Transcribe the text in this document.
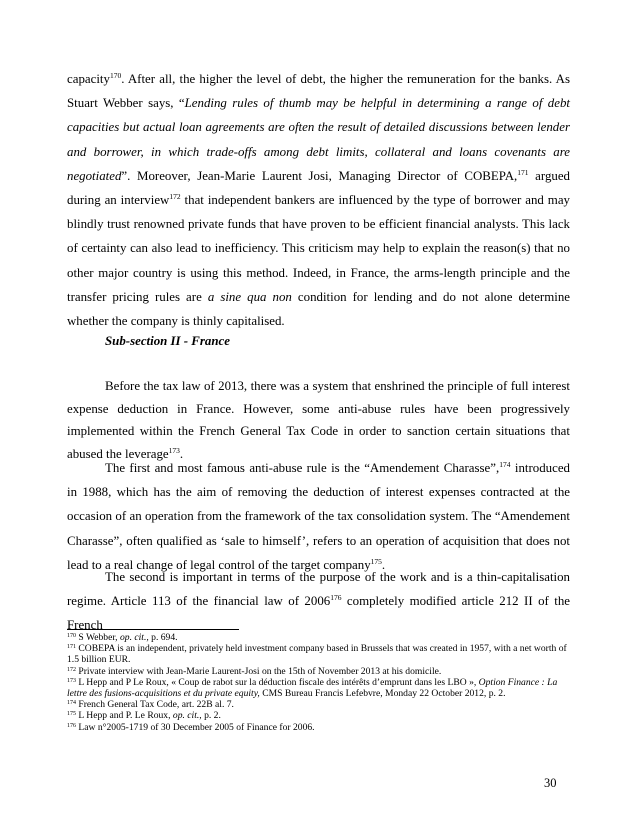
capacity$^{170}$. After all, the higher the level of debt, the higher the remuneration for the banks. As Stuart Webber says, “Lending rules of thumb may be helpful in determining a range of debt capacities but actual loan agreements are often the result of detailed discussions between lender and borrower, in which trade-offs among debt limits, collateral and loans covenants are negotiated”. Moreover, Jean-Marie Laurent Josi, Managing Director of COBEPA,$^{171}$ argued during an interview$^{172}$ that independent bankers are influenced by the type of borrower and may blindly trust renowned private funds that have proven to be efficient financial analysts. This lack of certainty can also lead to inefficiency. This criticism may help to explain the reason(s) that no other major country is using this method. Indeed, in France, the arms-length principle and the transfer pricing rules are a sine qua non condition for lending and do not alone determine whether the company is thinly capitalised.

Sub-section II - France

Before the tax law of 2013, there was a system that enshrined the principle of full interest expense deduction in France. However, some anti-abuse rules have been progressively implemented within the French General Tax Code in order to sanction certain situations that abused the leverage$^{173}$.

The first and most famous anti-abuse rule is the “Amendement Charasse”,$^{174}$ introduced in 1988, which has the aim of removing the deduction of interest expenses contracted at the occasion of an operation from the framework of the tax consolidation system. The “Amendement Charasse”, often qualified as ‘sale to himself’, refers to an operation of acquisition that does not lead to a real change of legal control of the target company$^{175}$.

The second is important in terms of the purpose of the work and is a thin-capitalisation regime. Article 113 of the financial law of 2006$^{176}$ completely modified article 212 II of the French

$^{170}$ S Webber, op. cit., p. 694.

$^{171}$ COBEPA is an independent, privately held investment company based in Brussels that was created in 1957, with a net worth of 1.5 billion EUR.

$^{172}$ Private interview with Jean-Marie Laurent-Josi on the 15th of November 2013 at his domicile.

$^{173}$ L Hepp and P Le Roux, « Coup de rabot sur la déduction fiscale des intérêts d’emprunt dans les LBO », Option Finance : La lettre des fusions-acquisitions et du private equity, CMS Bureau Francis Lefebvre, Monday 22 October 2012, p. 2.

$^{174}$ French General Tax Code, art. 22B al. 7.

$^{175}$ L Hepp and P. Le Roux, op. cit., p. 2.

$^{176}$ Law n°2005-1719 of 30 December 2005 of Finance for 2006.

30
